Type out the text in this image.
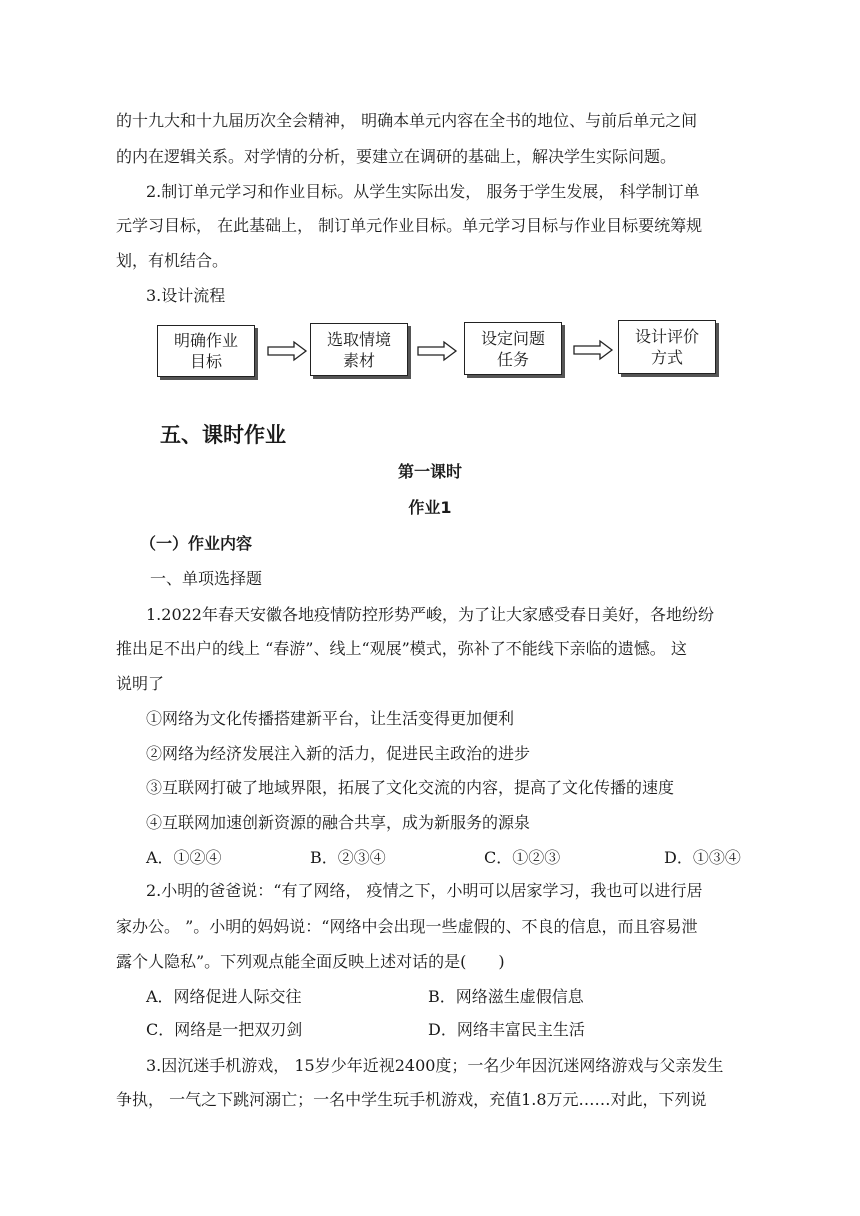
的十九大和十九届历次全会精神， 明确本单元内容在全书的地位、与前后单元之间
的内在逻辑关系。对学情的分析，要建立在调研的基础上，解决学生实际问题。
2.制订单元学习和作业目标。从学生实际出发， 服务于学生发展， 科学制订单
元学习目标， 在此基础上， 制订单元作业目标。单元学习目标与作业目标要统筹规
划，有机结合。
3.设计流程
明确作业
目标
选取情境
素材
设定问题
任务
设计评价
方式
五、课时作业
第一课时
作业1
（一）作业内容
一、单项选择题
1.2022年春天安徽各地疫情防控形势严峻，为了让大家感受春日美好，各地纷纷
推出足不出户的线上 “春游”、线上“观展”模式，弥补了不能线下亲临的遗憾。 这
说明了
①网络为文化传播搭建新平台，让生活变得更加便利
②网络为经济发展注入新的活力，促进民主政治的进步
③互联网打破了地域界限，拓展了文化交流的内容，提高了文化传播的速度
④互联网加速创新资源的融合共享，成为新服务的源泉
A．①②④	B．②③④	C．①②③	D．①③④
2.小明的爸爸说：“有了网络， 疫情之下，小明可以居家学习，我也可以进行居
家办公。 ”。小明的妈妈说：“网络中会出现一些虚假的、不良的信息，而且容易泄
露个人隐私”。下列观点能全面反映上述对话的是(　　)
A．网络促进人际交往	B．网络滋生虚假信息
C．网络是一把双刃剑	D．网络丰富民主生活
3.因沉迷手机游戏， 15岁少年近视2400度；一名少年因沉迷网络游戏与父亲发生
争执， 一气之下跳河溺亡；一名中学生玩手机游戏，充值1.8万元……对此，下列说
